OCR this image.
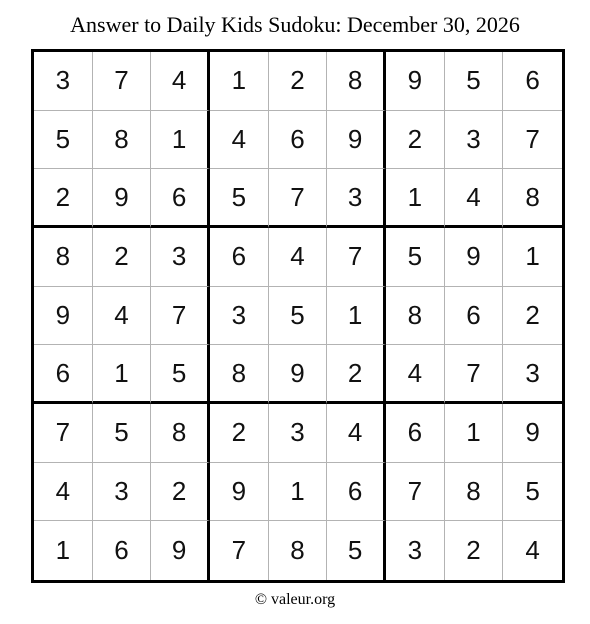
Answer to Daily Kids Sudoku: December 30, 2026
3	7	4	1	2	8	9	5	6
5	8	1	4	6	9	2	3	7
2	9	6	5	7	3	1	4	8
8	2	3	6	4	7	5	9	1
9	4	7	3	5	1	8	6	2
6	1	5	8	9	2	4	7	3
7	5	8	2	3	4	6	1	9
4	3	2	9	1	6	7	8	5
1	6	9	7	8	5	3	2	4
© valeur.org
